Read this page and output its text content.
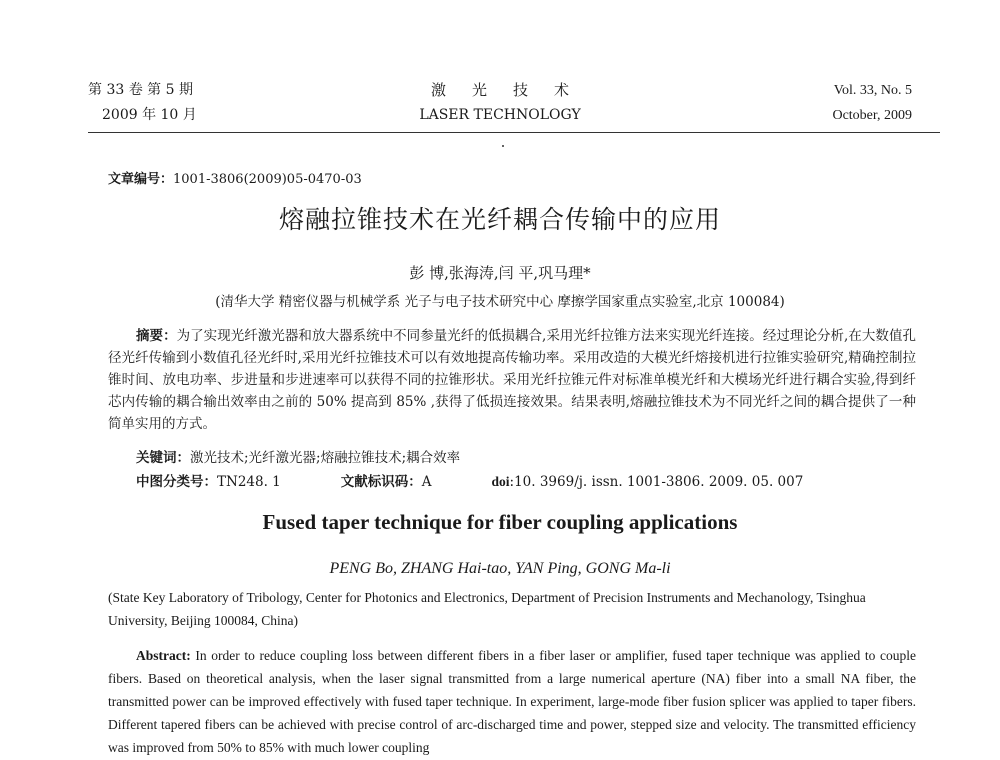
第 33 卷 第 5 期
2009 年 10 月
激光技术
LASER TECHNOLOGY
Vol. 33, No. 5
October, 2009
文章编号：1001-3806(2009)05-0470-03
熔融拉锥技术在光纤耦合传输中的应用
彭 博,张海涛,闫 平,巩马理*
(清华大学 精密仪器与机械学系 光子与电子技术研究中心 摩擦学国家重点实验室,北京 100084)
摘要：为了实现光纤激光器和放大器系统中不同参量光纤的低损耦合,采用光纤拉锥方法来实现光纤连接。经过理论分析,在大数值孔径光纤传输到小数值孔径光纤时,采用光纤拉锥技术可以有效地提高传输功率。采用改造的大模光纤熔接机进行拉锥实验研究,精确控制拉锥时间、放电功率、步进量和步进速率可以获得不同的拉锥形状。采用光纤拉锥元件对标准单模光纤和大模场光纤进行耦合实验,得到纤芯内传输的耦合输出效率由之前的 50% 提高到 85% ,获得了低损连接效果。结果表明,熔融拉锥技术为不同光纤之间的耦合提供了一种简单实用的方式。
关键词：激光技术;光纤激光器;熔融拉锥技术;耦合效率
中图分类号：TN248. 1	文献标识码：A	doi:10. 3969/j. issn. 1001-3806. 2009. 05. 007
Fused taper technique for fiber coupling applications
PENG Bo, ZHANG Hai-tao, YAN Ping, GONG Ma-li
(State Key Laboratory of Tribology, Center for Photonics and Electronics, Department of Precision Instruments and Mechanology, Tsinghua University, Beijing 100084, China)
Abstract: In order to reduce coupling loss between different fibers in a fiber laser or amplifier, fused taper technique was applied to couple fibers. Based on theoretical analysis, when the laser signal transmitted from a large numerical aperture (NA) fiber into a small NA fiber, the transmitted power can be improved effectively with fused taper technique. In experiment, large-mode fiber fusion splicer was applied to taper fibers. Different tapered fibers can be achieved with precise control of arc-discharged time and power, stepped size and velocity. The transmitted efficiency was improved from 50% to 85% with much lower coupling
